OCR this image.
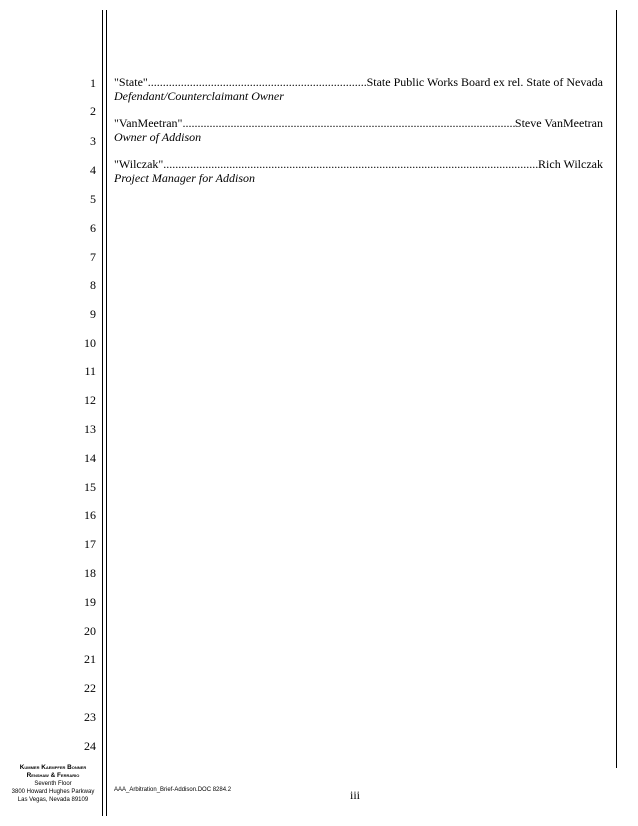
1
2
3
4
5
6
7
8
9
10
11
12
13
14
15
16
17
18
19
20
21
22
23
24
"State" .....	State Public Works Board ex rel. State of Nevada
Defendant/Counterclaimant Owner
"VanMeetran" .....	Steve VanMeetran
Owner of Addison
"Wilczak" .....	Rich Wilczak
Project Manager for Addison
Kummer Kaempfer Bonner
Renshaw & Ferrario
Seventh Floor
3800 Howard Hughes Parkway
Las Vegas, Nevada 89109
AAA_Arbitration_Brief-Addison.DOC 8284.2	iii
